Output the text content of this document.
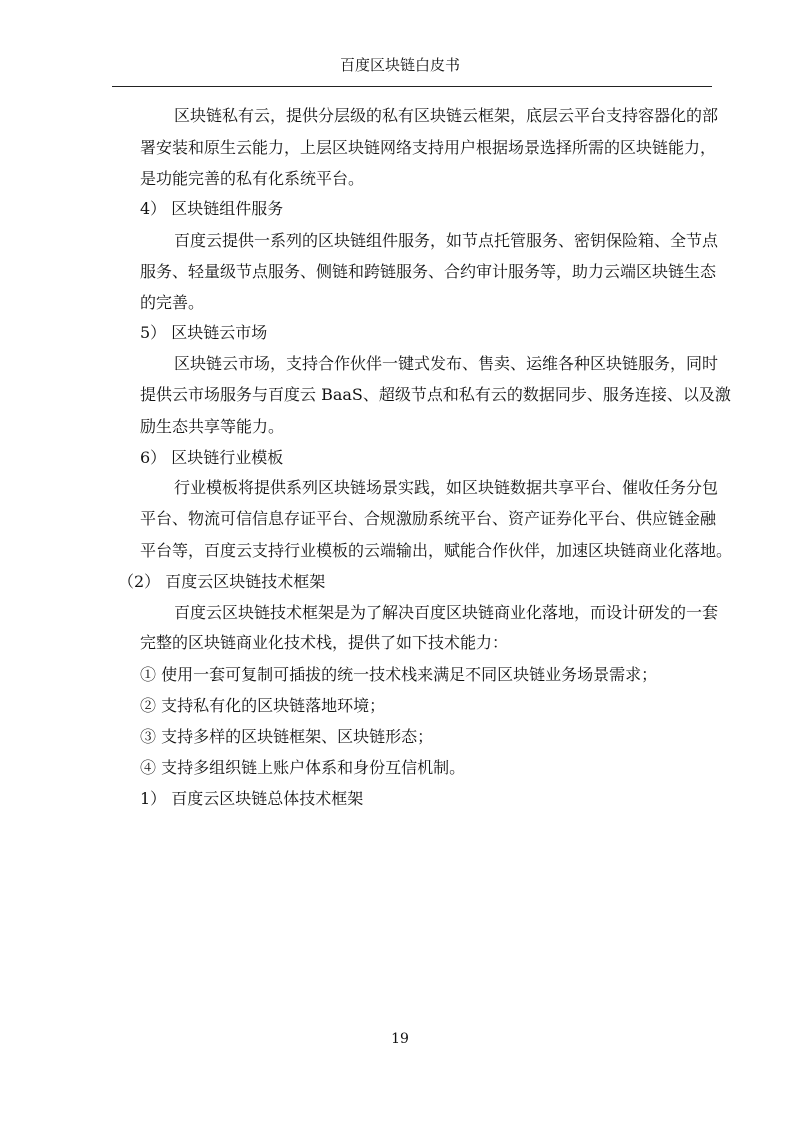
百度区块链白皮书
区块链私有云，提供分层级的私有区块链云框架，底层云平台支持容器化的部
署安装和原生云能力，上层区块链网络支持用户根据场景选择所需的区块链能力，
是功能完善的私有化系统平台。
4） 区块链组件服务
百度云提供一系列的区块链组件服务，如节点托管服务、密钥保险箱、全节点
服务、轻量级节点服务、侧链和跨链服务、合约审计服务等，助力云端区块链生态
的完善。
5） 区块链云市场
区块链云市场，支持合作伙伴一键式发布、售卖、运维各种区块链服务，同时
提供云市场服务与百度云 BaaS、超级节点和私有云的数据同步、服务连接、以及激
励生态共享等能力。
6） 区块链行业模板
行业模板将提供系列区块链场景实践，如区块链数据共享平台、催收任务分包
平台、物流可信信息存证平台、合规激励系统平台、资产证券化平台、供应链金融
平台等，百度云支持行业模板的云端输出，赋能合作伙伴，加速区块链商业化落地。
（2） 百度云区块链技术框架
百度云区块链技术框架是为了解决百度区块链商业化落地，而设计研发的一套
完整的区块链商业化技术栈，提供了如下技术能力：
① 使用一套可复制可插拔的统一技术栈来满足不同区块链业务场景需求；
② 支持私有化的区块链落地环境；
③ 支持多样的区块链框架、区块链形态；
④ 支持多组织链上账户体系和身份互信机制。
1） 百度云区块链总体技术框架
19
